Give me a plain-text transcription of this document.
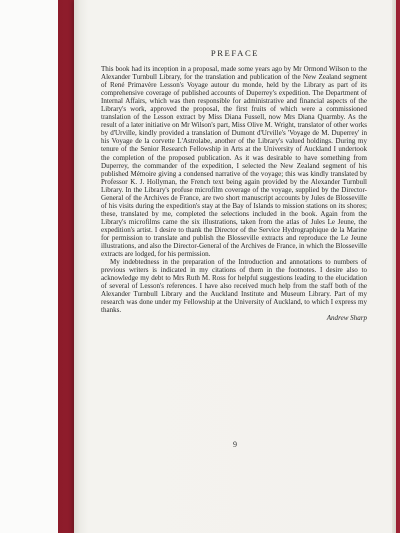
PREFACE

This book had its inception in a proposal, made some years ago by Mr Ormond Wilson to the Alexander Turnbull Library, for the translation and publication of the New Zealand segment of René Primavère Lesson's Voyage autour du monde, held by the Library as part of its comprehensive coverage of published accounts of Duperrey's expedition. The Department of Internal Affairs, which was then responsible for administrative and financial aspects of the Library's work, approved the proposal, the first fruits of which were a commissioned translation of the Lesson extract by Miss Diana Fussell, now Mrs Diana Quarmby. As the result of a later initiative on Mr Wilson's part, Miss Olive M. Wright, translator of other works by d'Urville, kindly provided a translation of Dumont d'Urville's 'Voyage de M. Duperrey' in his Voyage de la corvette L'Astrolabe, another of the Library's valued holdings. During my tenure of the Senior Research Fellowship in Arts at the University of Auckland I undertook the completion of the proposed publication. As it was desirable to have something from Duperrey, the commander of the expedition, I selected the New Zealand segment of his published Mémoire giving a condensed narrative of the voyage; this was kindly translated by Professor K. J. Hollyman, the French text being again provided by the Alexander Turnbull Library. In the Library's profuse microfilm coverage of the voyage, supplied by the Director-General of the Archives de France, are two short manuscript accounts by Jules de Blosseville of his visits during the expedition's stay at the Bay of Islands to mission stations on its shores; these, translated by me, completed the selections included in the book. Again from the Library's microfilms came the six illustrations, taken from the atlas of Jules Le Jeune, the expedition's artist. I desire to thank the Director of the Service Hydrographique de la Marine for permission to translate and publish the Blosseville extracts and reproduce the Le Jeune illustrations, and also the Director-General of the Archives de France, in which the Blosseville extracts are lodged, for his permission.

My indebtedness in the preparation of the Introduction and annotations to numbers of previous writers is indicated in my citations of them in the footnotes. I desire also to acknowledge my debt to Mrs Ruth M. Ross for helpful suggestions leading to the elucidation of several of Lesson's references. I have also received much help from the staff both of the Alexander Turnbull Library and the Auckland Institute and Museum Library. Part of my research was done under my Fellowship at the University of Auckland, to which I express my thanks.

Andrew Sharp
9
